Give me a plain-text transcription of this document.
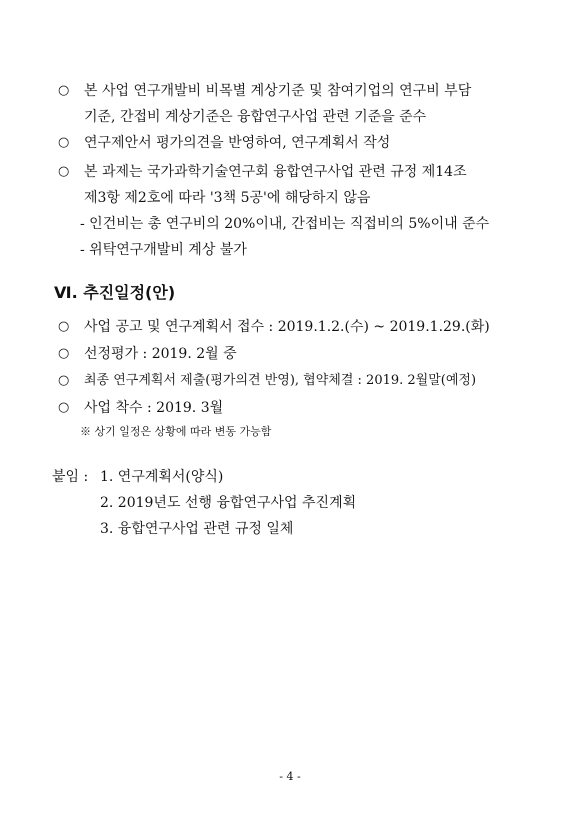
○	본 사업 연구개발비 비목별 계상기준 및 참여기업의 연구비 부담
기준, 간접비 계상기준은 융합연구사업 관련 기준을 준수
○	연구제안서 평가의견을 반영하여, 연구계획서 작성
○	본 과제는 국가과학기술연구회 융합연구사업 관련 규정 제14조
제3항 제2호에 따라 '3책 5공'에 해당하지 않음
- 인건비는 총 연구비의 20%이내, 간접비는 직접비의 5%이내 준수
- 위탁연구개발비 계상 불가
Ⅵ. 추진일정(안)
○	사업 공고 및 연구계획서 접수 : 2019.1.2.(수) ~ 2019.1.29.(화)
○	선정평가 : 2019. 2월 중
○	최종 연구계획서 제출(평가의견 반영), 협약체결 : 2019. 2월말(예정)
○	사업 착수 : 2019. 3월
※ 상기 일정은 상황에 따라 변동 가능함
붙임 : 1. 연구계획서(양식)
2. 2019년도 선행 융합연구사업 추진계획
3. 융합연구사업 관련 규정 일체
- 4 -
